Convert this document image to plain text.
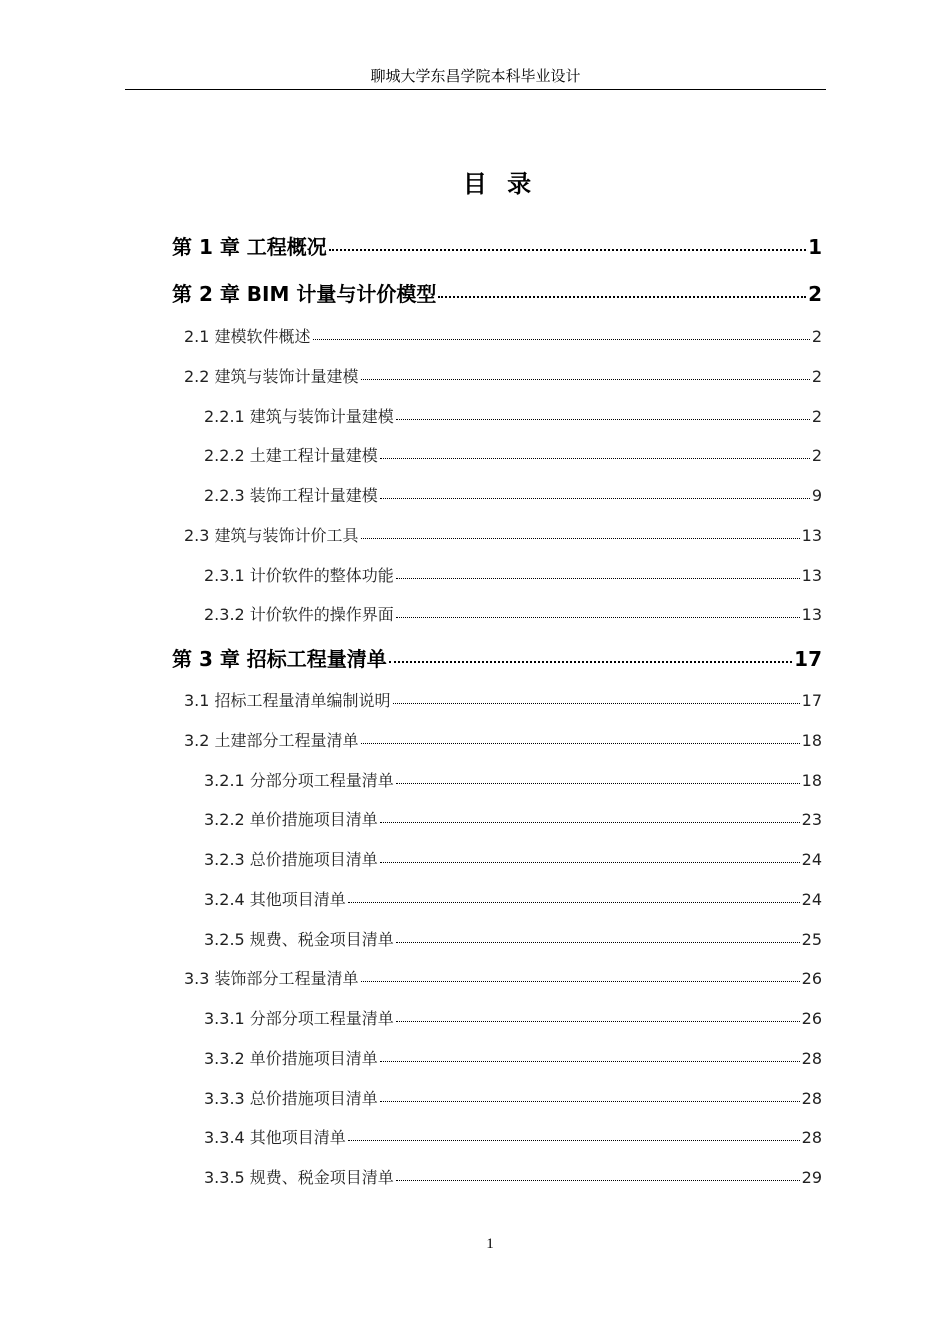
聊城大学东昌学院本科毕业设计
目 录
第 1 章 工程概况	1
第 2 章 BIM 计量与计价模型	2
2.1 建模软件概述	2
2.2 建筑与装饰计量建模	2
2.2.1 建筑与装饰计量建模	2
2.2.2 土建工程计量建模	2
2.2.3 装饰工程计量建模	9
2.3 建筑与装饰计价工具	13
2.3.1 计价软件的整体功能	13
2.3.2 计价软件的操作界面	13
第 3 章 招标工程量清单	17
3.1 招标工程量清单编制说明	17
3.2 土建部分工程量清单	18
3.2.1 分部分项工程量清单	18
3.2.2 单价措施项目清单	23
3.2.3 总价措施项目清单	24
3.2.4 其他项目清单	24
3.2.5 规费、税金项目清单	25
3.3 装饰部分工程量清单	26
3.3.1 分部分项工程量清单	26
3.3.2 单价措施项目清单	28
3.3.3 总价措施项目清单	28
3.3.4 其他项目清单	28
3.3.5 规费、税金项目清单	29
1
